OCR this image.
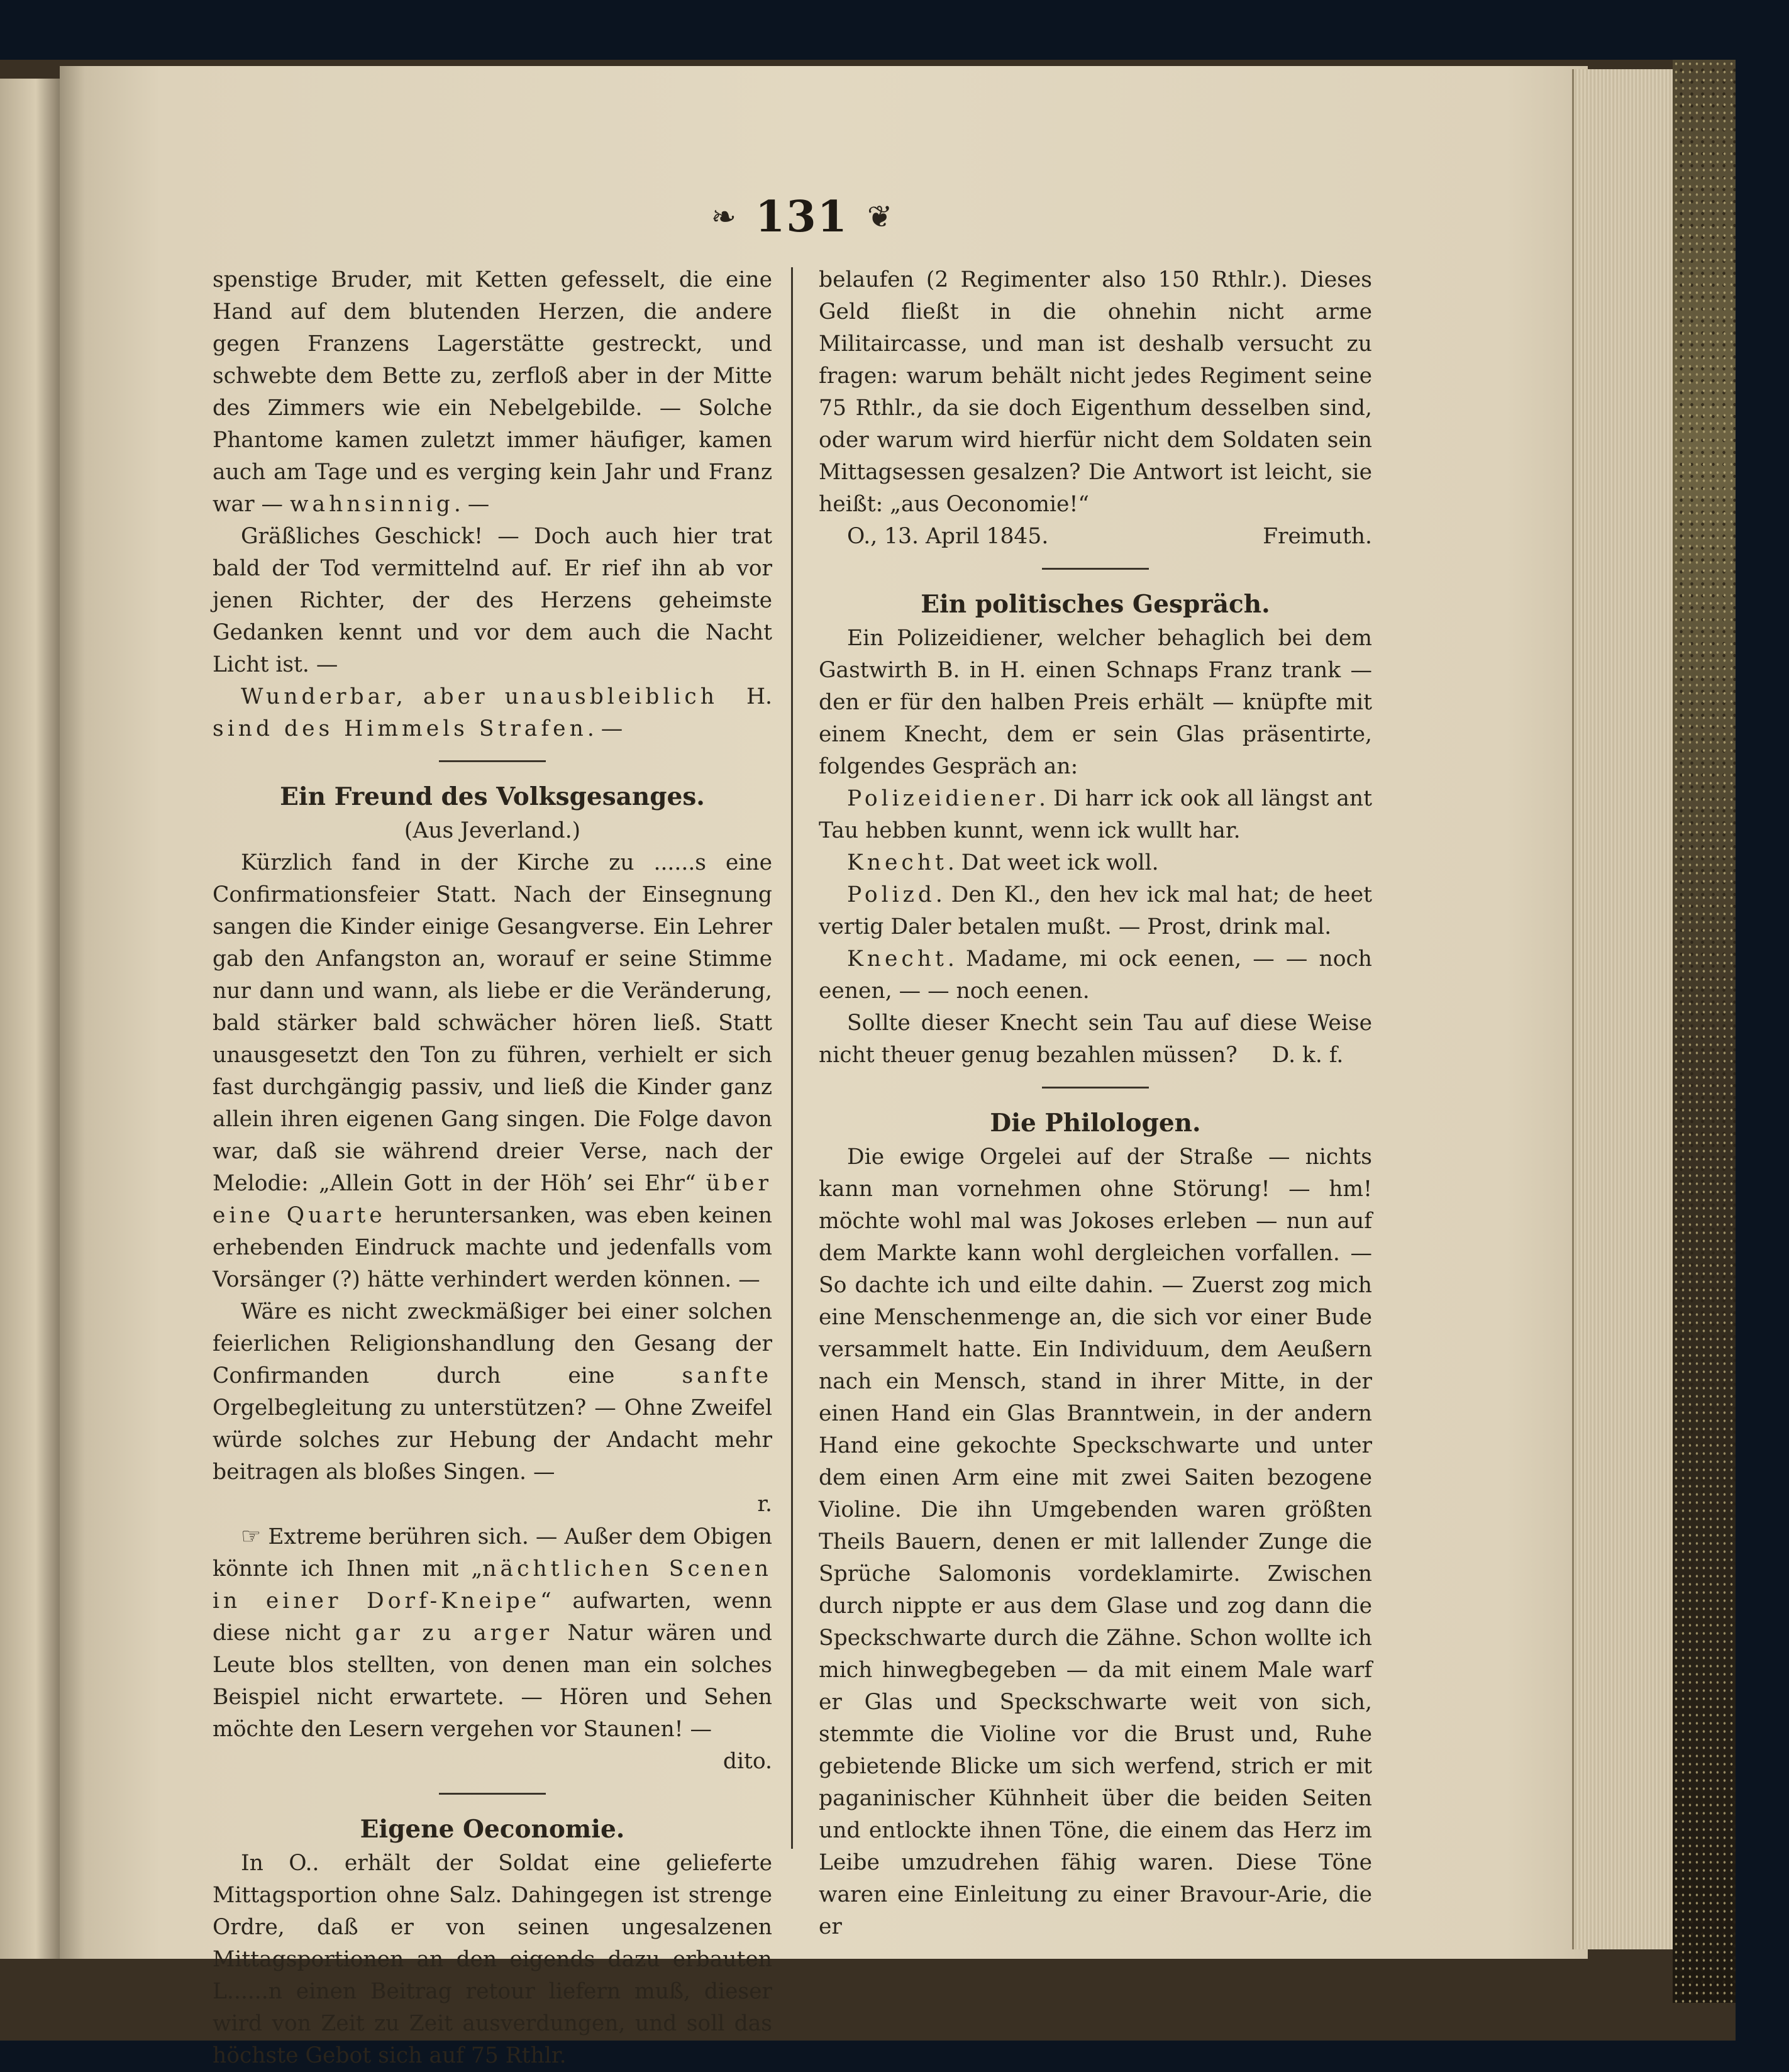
❧ 131 ❦

spenstige Bruder, mit Ketten gefesselt, die eine Hand auf dem blutenden Herzen, die andere gegen Franzens Lagerstätte gestreckt, und schwebte dem Bette zu, zerfloß aber in der Mitte des Zimmers wie ein Nebelgebilde. — Solche Phantome kamen zuletzt immer häufiger, kamen auch am Tage und es verging kein Jahr und Franz war — wahnsinnig. —

Gräßliches Geschick! — Doch auch hier trat bald der Tod vermittelnd auf. Er rief ihn ab vor jenen Richter, der des Herzens geheimste Gedanken kennt und vor dem auch die Nacht Licht ist. —

Wunderbar, aber unausbleiblich sind des Himmels Strafen. —
H.

Ein Freund des Volksgesanges.

(Aus Jeverland.)

Kürzlich fand in der Kirche zu ......s eine Confirmationsfeier Statt. Nach der Einsegnung sangen die Kinder einige Gesangverse. Ein Lehrer gab den Anfangston an, worauf er seine Stimme nur dann und wann, als liebe er die Veränderung, bald stärker bald schwächer hören ließ. Statt unausgesetzt den Ton zu führen, verhielt er sich fast durchgängig passiv, und ließ die Kinder ganz allein ihren eigenen Gang singen. Die Folge davon war, daß sie während dreier Verse, nach der Melodie: „Allein Gott in der Höh’ sei Ehr“ über eine Quarte heruntersanken, was eben keinen erhebenden Eindruck machte und jedenfalls vom Vorsänger (?) hätte verhindert werden können. —

Wäre es nicht zweckmäßiger bei einer solchen feierlichen Religionshandlung den Gesang der Confirmanden durch eine sanfte Orgelbegleitung zu unterstützen? — Ohne Zweifel würde solches zur Hebung der Andacht mehr beitragen als bloßes Singen. —

r.

☞ Extreme berühren sich. — Außer dem Obigen könnte ich Ihnen mit „nächtlichen Scenen in einer Dorf-Kneipe“ aufwarten, wenn diese nicht gar zu arger Natur wären und Leute blos stellten, von denen man ein solches Beispiel nicht erwartete. — Hören und Sehen möchte den Lesern vergehen vor Staunen! —

dito.

Eigene Oeconomie.

In O.. erhält der Soldat eine gelieferte Mittagsportion ohne Salz. Dahingegen ist strenge Ordre, daß er von seinen ungesalzenen Mittagsportionen an den eigends dazu erbauten L......n einen Beitrag retour liefern muß, dieser wird von Zeit zu Zeit ausverdungen, und soll das höchste Gebot sich auf 75 Rthlr.

belaufen (2 Regimenter also 150 Rthlr.). Dieses Geld fließt in die ohnehin nicht arme Militaircasse, und man ist deshalb versucht zu fragen: warum behält nicht jedes Regiment seine 75 Rthlr., da sie doch Eigenthum desselben sind, oder warum wird hierfür nicht dem Soldaten sein Mittagsessen gesalzen? Die Antwort ist leicht, sie heißt: „aus Oeconomie!“

O., 13. April 1845.	Freimuth.

Ein politisches Gespräch.

Ein Polizeidiener, welcher behaglich bei dem Gastwirth B. in H. einen Schnaps Franz trank — den er für den halben Preis erhält — knüpfte mit einem Knecht, dem er sein Glas präsentirte, folgendes Gespräch an:

Polizeidiener. Di harr ick ook all längst ant Tau hebben kunnt, wenn ick wullt har.

Knecht. Dat weet ick woll.

Polizd. Den Kl., den hev ick mal hat; de heet vertig Daler betalen mußt. — Prost, drink mal.

Knecht. Madame, mi ock eenen, — — noch eenen, — — noch eenen.

Sollte dieser Knecht sein Tau auf diese Weise nicht theuer genug bezahlen müssen? D. k. f.

Die Philologen.

Die ewige Orgelei auf der Straße — nichts kann man vornehmen ohne Störung! — hm! möchte wohl mal was Jokoses erleben — nun auf dem Markte kann wohl dergleichen vorfallen. — So dachte ich und eilte dahin. — Zuerst zog mich eine Menschenmenge an, die sich vor einer Bude versammelt hatte. Ein Individuum, dem Aeußern nach ein Mensch, stand in ihrer Mitte, in der einen Hand ein Glas Branntwein, in der andern Hand eine gekochte Speckschwarte und unter dem einen Arm eine mit zwei Saiten bezogene Violine. Die ihn Umgebenden waren größten Theils Bauern, denen er mit lallender Zunge die Sprüche Salomonis vordeklamirte. Zwischen durch nippte er aus dem Glase und zog dann die Speckschwarte durch die Zähne. Schon wollte ich mich hinwegbegeben — da mit einem Male warf er Glas und Speckschwarte weit von sich, stemmte die Violine vor die Brust und, Ruhe gebietende Blicke um sich werfend, strich er mit paganinischer Kühnheit über die beiden Seiten und entlockte ihnen Töne, die einem das Herz im Leibe umzudrehen fähig waren. Diese Töne waren eine Einleitung zu einer Bravour-Arie, die er
